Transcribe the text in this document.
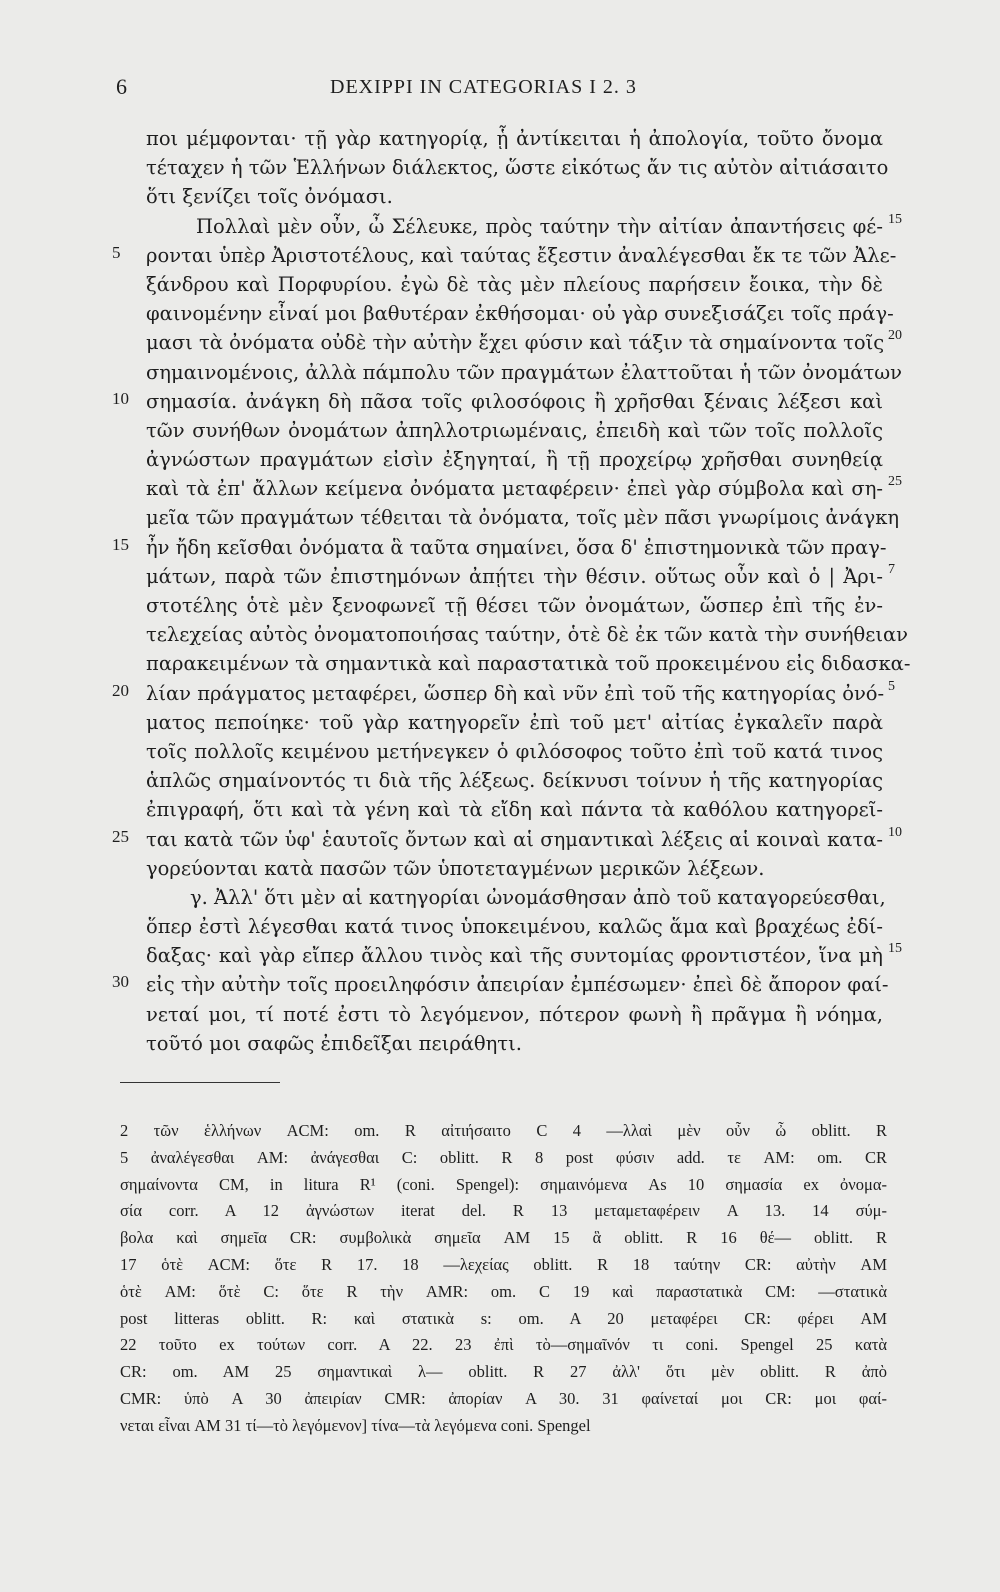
6	DEXIPPI IN CATEGORIAS I 2. 3
ποι μέμφονται· τῇ γὰρ κατηγορίᾳ, ᾗ ἀντίκειται ἡ ἀπολογία, τοῦτο ὄνομα
τέταχεν ἡ τῶν Ἑλλήνων διάλεκτος, ὥστε εἰκότως ἄν τις αὐτὸν αἰτιάσαιτο
ὅτι ξενίζει τοῖς ὀνόμασι.
Πολλαὶ μὲν οὖν, ὦ Σέλευκε, πρὸς ταύτην τὴν αἰτίαν ἀπαντήσεις φέ- 15
5 ρονται ὑπὲρ Ἀριστοτέλους, καὶ ταύτας ἔξεστιν ἀναλέγεσθαι ἔκ τε τῶν Ἀλε-
ξάνδρου καὶ Πορφυρίου. ἐγὼ δὲ τὰς μὲν πλείους παρήσειν ἔοικα, τὴν δὲ
φαινομένην εἶναί μοι βαθυτέραν ἐκθήσομαι· οὐ γὰρ συνεξισάζει τοῖς πράγ-
μασι τὰ ὀνόματα οὐδὲ τὴν αὐτὴν ἔχει φύσιν καὶ τάξιν τὰ σημαίνοντα τοῖς 20
σημαινομένοις, ἀλλὰ πάμπολυ τῶν πραγμάτων ἐλαττοῦται ἡ τῶν ὀνομάτων
10 σημασία. ἀνάγκη δὴ πᾶσα τοῖς φιλοσόφοις ἢ χρῆσθαι ξέναις λέξεσι καὶ
τῶν συνήθων ὀνομάτων ἀπηλλοτριωμέναις, ἐπειδὴ καὶ τῶν τοῖς πολλοῖς
ἀγνώστων πραγμάτων εἰσὶν ἐξηγηταί, ἢ τῇ προχείρῳ χρῆσθαι συνηθείᾳ
καὶ τὰ ἐπ' ἄλλων κείμενα ὀνόματα μεταφέρειν· ἐπεὶ γὰρ σύμβολα καὶ ση- 25
μεῖα τῶν πραγμάτων τέθειται τὰ ὀνόματα, τοῖς μὲν πᾶσι γνωρίμοις ἀνάγκη
15 ἦν ἤδη κεῖσθαι ὀνόματα ἃ ταῦτα σημαίνει, ὅσα δ' ἐπιστημονικὰ τῶν πραγ-
μάτων, παρὰ τῶν ἐπιστημόνων ἀπῄτει τὴν θέσιν. οὕτως οὖν καὶ ὁ | Ἀρι- 7
στοτέλης ὁτὲ μὲν ξενοφωνεῖ τῇ θέσει τῶν ὀνομάτων, ὥσπερ ἐπὶ τῆς ἐν-
τελεχείας αὐτὸς ὀνοματοποιήσας ταύτην, ὁτὲ δὲ ἐκ τῶν κατὰ τὴν συνήθειαν
παρακειμένων τὰ σημαντικὰ καὶ παραστατικὰ τοῦ προκειμένου εἰς διδασκα-
20 λίαν πράγματος μεταφέρει, ὥσπερ δὴ καὶ νῦν ἐπὶ τοῦ τῆς κατηγορίας ὀνό- 5
ματος πεποίηκε· τοῦ γὰρ κατηγορεῖν ἐπὶ τοῦ μετ' αἰτίας ἐγκαλεῖν παρὰ
τοῖς πολλοῖς κειμένου μετήνεγκεν ὁ φιλόσοφος τοῦτο ἐπὶ τοῦ κατά τινος
ἁπλῶς σημαίνοντός τι διὰ τῆς λέξεως. δείκνυσι τοίνυν ἡ τῆς κατηγορίας
ἐπιγραφή, ὅτι καὶ τὰ γένη καὶ τὰ εἴδη καὶ πάντα τὰ καθόλου κατηγορεῖ-
25 ται κατὰ τῶν ὑφ' ἑαυτοῖς ὄντων καὶ αἱ σημαντικαὶ λέξεις αἱ κοιναὶ κατα- 10
γορεύονται κατὰ πασῶν τῶν ὑποτεταγμένων μερικῶν λέξεων.
γ. Ἀλλ' ὅτι μὲν αἱ κατηγορίαι ὠνομάσθησαν ἀπὸ τοῦ καταγορεύεσθαι,
ὅπερ ἐστὶ λέγεσθαι κατά τινος ὑποκειμένου, καλῶς ἅμα καὶ βραχέως ἐδί-
δαξας· καὶ γὰρ εἴπερ ἄλλου τινὸς καὶ τῆς συντομίας φροντιστέον, ἵνα μὴ 15
30 εἰς τὴν αὐτὴν τοῖς προειληφόσιν ἀπειρίαν ἐμπέσωμεν· ἐπεὶ δὲ ἄπορον φαί-
νεταί μοι, τί ποτέ ἐστι τὸ λεγόμενον, πότερον φωνὴ ἢ πρᾶγμα ἢ νόημα,
τοῦτό μοι σαφῶς ἐπιδεῖξαι πειράθητι.
2 τῶν ἑλλήνων ACM: om. R αἰτιήσαιτο C 4 —λλαὶ μὲν οὖν ὦ oblitt. R
5 ἀναλέγεσθαι AM: ἀνάγεσθαι C: oblitt. R 8 post φύσιν add. τε AM: om. CR
σημαίνοντα CM, in litura R¹ (coni. Spengel): σημαινόμενα As 10 σημασία ex ὀνομα-
σία corr. A 12 ἀγνώστων iterat del. R 13 μεταμεταφέρειν A 13. 14 σύμ-
βολα καὶ σημεῖα CR: συμβολικὰ σημεῖα AM 15 ἃ oblitt. R 16 θέ— oblitt. R
17 ὁτὲ ACM: ὅτε R 17. 18 —λεχείας oblitt. R 18 ταύτην CR: αὐτὴν AM
ὁτὲ AM: ὅτὲ C: ὅτε R τὴν AMR: om. C 19 καὶ παραστατικὰ CM: —στατικὰ
post litteras oblitt. R: καὶ στατικὰ s: om. A 20 μεταφέρει CR: φέρει AM
22 τοῦτο ex τούτων corr. A 22. 23 ἐπὶ τὸ—σημαῖνόν τι coni. Spengel 25 κατὰ
CR: om. AM 25 σημαντικαὶ λ— oblitt. R 27 ἀλλ' ὅτι μὲν oblitt. R ἀπὸ
CMR: ὑπὸ A 30 ἀπειρίαν CMR: ἀπορίαν A 30. 31 φαίνεταί μοι CR: μοι φαί-
νεται εἶναι AM 31 τί—τὸ λεγόμενον] τίνα—τὰ λεγόμενα coni. Spengel
